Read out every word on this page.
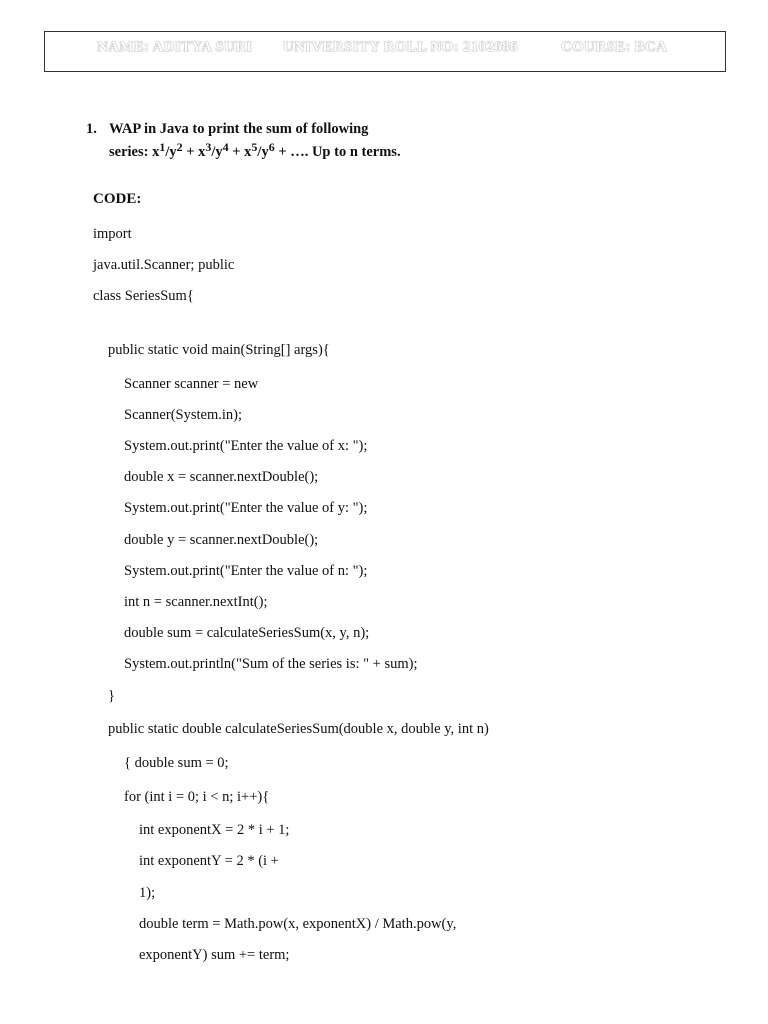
NAME: ADITYA SURI UNIVERSITY ROLL NO: 2102686	COURSE: BCA
1. WAP in Java to print the sum of following
series: $x^1/y^2 + x^3/y^4 + x^5/y^6$ + …. Up to n terms.
CODE:
import
java.util.Scanner; public
class SeriesSum{
public static void main(String[] args){
Scanner scanner = new
Scanner(System.in);
System.out.print("Enter the value of x: ");
double x = scanner.nextDouble();
System.out.print("Enter the value of y: ");
double y = scanner.nextDouble();
System.out.print("Enter the value of n: ");
int n = scanner.nextInt();
double sum = calculateSeriesSum(x, y, n);
System.out.println("Sum of the series is: " + sum);
}
public static double calculateSeriesSum(double x, double y, int n)
{ double sum = 0;
for (int i = 0; i < n; i++){
int exponentX = 2 * i + 1;
int exponentY = 2 * (i +
1);
double term = Math.pow(x, exponentX) / Math.pow(y,
exponentY) sum += term;
